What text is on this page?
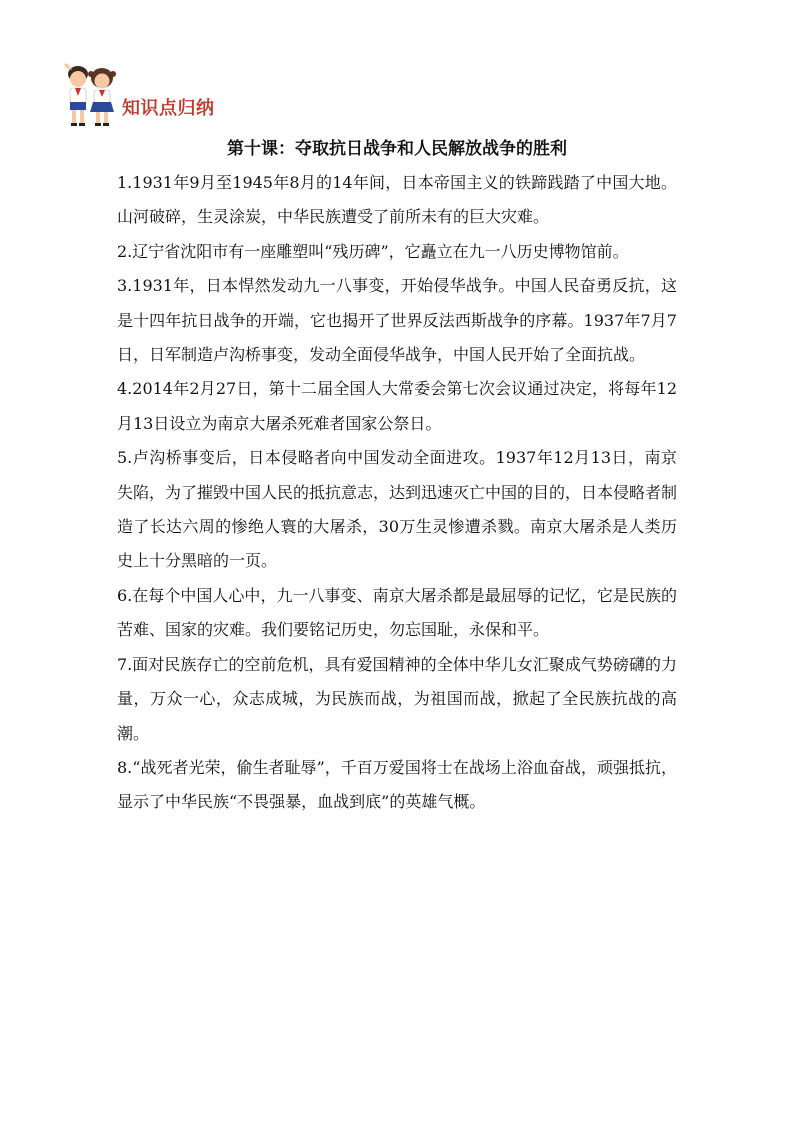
知识点归纳
第十课：夺取抗日战争和人民解放战争的胜利

1.1931年9月至1945年8月的14年间，日本帝国主义的铁蹄践踏了中国大地。山河破碎，生灵涂炭，中华民族遭受了前所未有的巨大灾难。

2.辽宁省沈阳市有一座雕塑叫“残历碑”，它矗立在九一八历史博物馆前。

3.1931年，日本悍然发动九一八事变，开始侵华战争。中国人民奋勇反抗，这是十四年抗日战争的开端，它也揭开了世界反法西斯战争的序幕。1937年7月7日，日军制造卢沟桥事变，发动全面侵华战争，中国人民开始了全面抗战。

4.2014年2月27日，第十二届全国人大常委会第七次会议通过决定，将每年12月13日设立为南京大屠杀死难者国家公祭日。

5.卢沟桥事变后，日本侵略者向中国发动全面进攻。1937年12月13日，南京失陷，为了摧毁中国人民的抵抗意志，达到迅速灭亡中国的目的，日本侵略者制造了长达六周的惨绝人寰的大屠杀，30万生灵惨遭杀戮。南京大屠杀是人类历史上十分黑暗的一页。

6.在每个中国人心中，九一八事变、南京大屠杀都是最屈辱的记忆，它是民族的苦难、国家的灾难。我们要铭记历史，勿忘国耻，永保和平。

7.面对民族存亡的空前危机，具有爱国精神的全体中华儿女汇聚成气势磅礴的力量，万众一心，众志成城，为民族而战，为祖国而战，掀起了全民族抗战的高潮。

8.“战死者光荣，偷生者耻辱”，千百万爱国将士在战场上浴血奋战，顽强抵抗，显示了中华民族“不畏强暴，血战到底”的英雄气概。
